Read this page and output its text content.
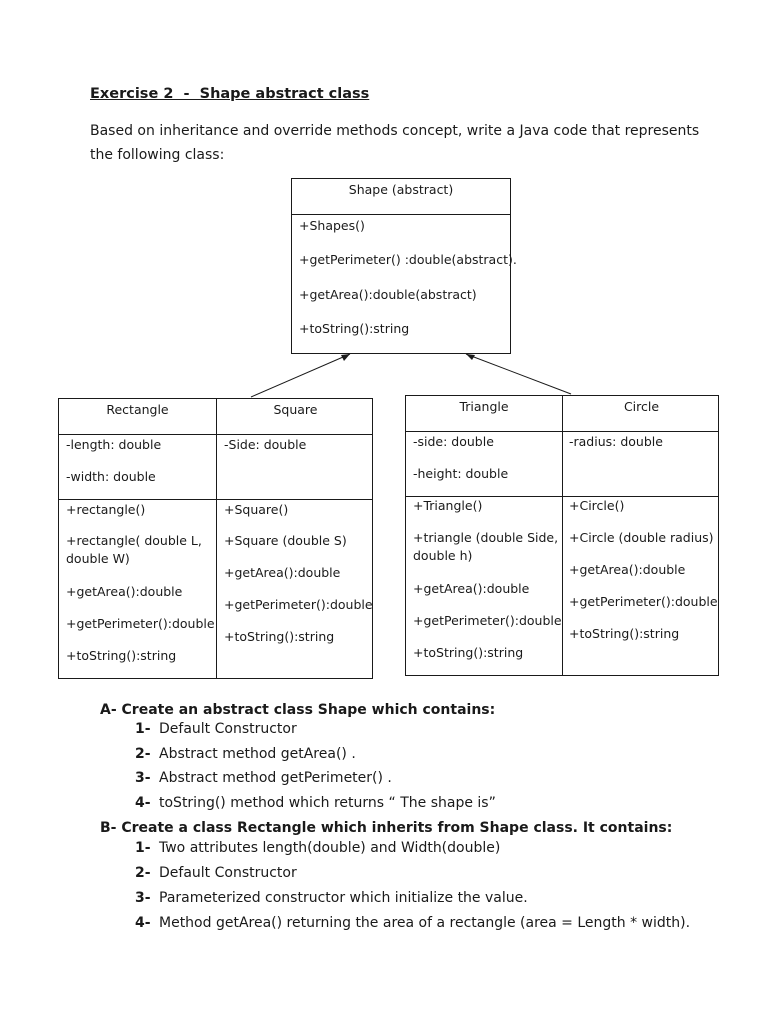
Exercise 2  -  Shape abstract class
Based on inheritance and override methods concept, write a Java code that represents the following class:
Shape (abstract)
+Shapes()
+getPerimeter() :double(abstract).
+getArea():double(abstract)
+toString():string
Rectangle	Square
-length: double
-width: double
-Side: double
+rectangle()
+rectangle( double L, double W)
+getArea():double
+getPerimeter():double
+toString():string
+Square()
+Square (double S)
+getArea():double
+getPerimeter():double
+toString():string
Triangle	Circle
-side: double
-height: double
-radius: double
+Triangle()
+triangle (double Side, double h)
+getArea():double
+getPerimeter():double
+toString():string
+Circle()
+Circle (double radius)
+getArea():double
+getPerimeter():double
+toString():string
A- Create an abstract class Shape which contains:
1- Default Constructor
2- Abstract method getArea() .
3- Abstract method getPerimeter() .
4- toString() method which returns “ The shape is”
B- Create a class Rectangle which inherits from Shape class. It contains:
1- Two attributes length(double) and Width(double)
2- Default Constructor
3- Parameterized constructor which initialize the value.
4- Method getArea() returning the area of a rectangle (area = Length * width).
